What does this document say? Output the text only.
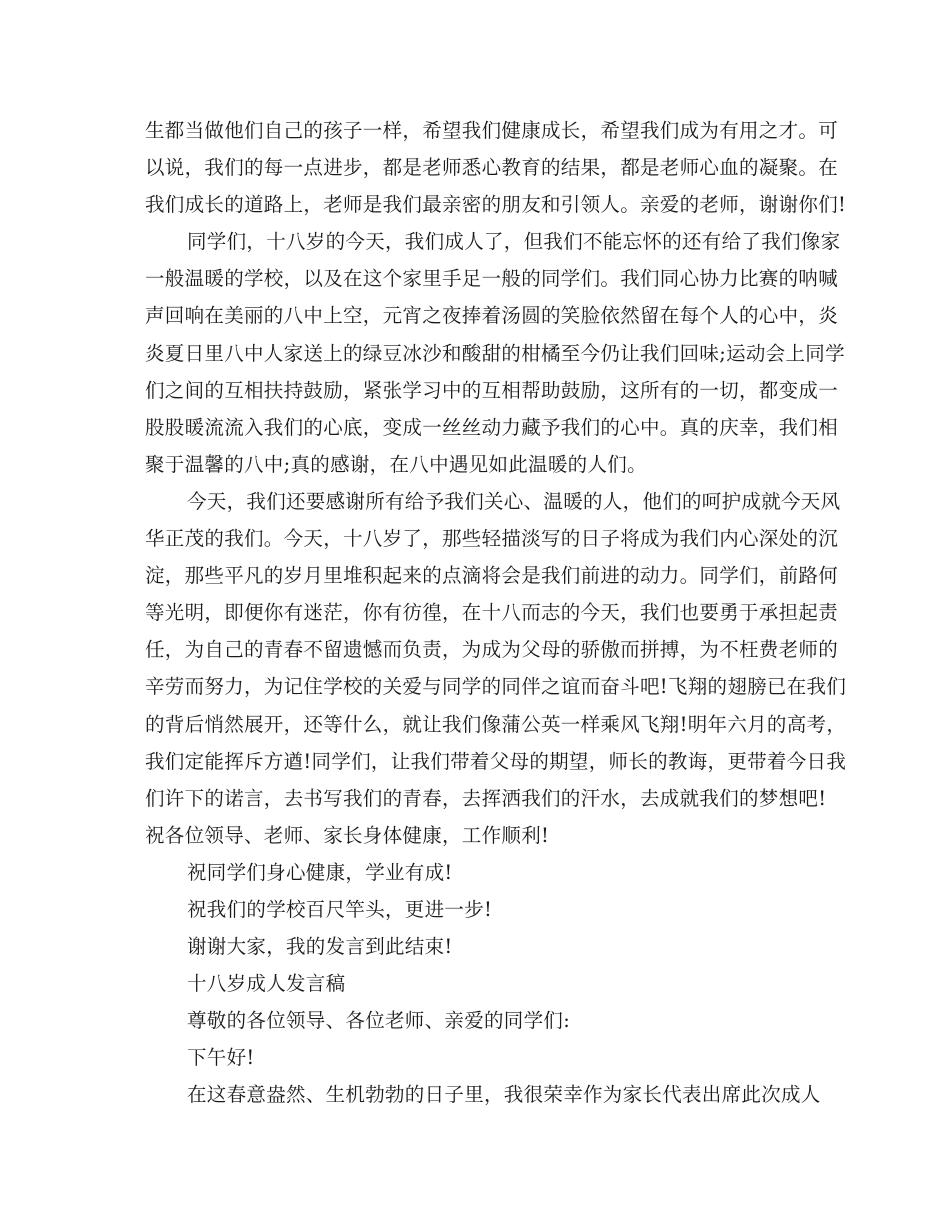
生都当做他们自己的孩子一样，希望我们健康成长，希望我们成为有用之才。可
以说，我们的每一点进步，都是老师悉心教育的结果，都是老师心血的凝聚。在
我们成长的道路上，老师是我们最亲密的朋友和引领人。亲爱的老师，谢谢你们!
同学们，十八岁的今天，我们成人了，但我们不能忘怀的还有给了我们像家
一般温暖的学校，以及在这个家里手足一般的同学们。我们同心协力比赛的呐喊
声回响在美丽的八中上空，元宵之夜捧着汤圆的笑脸依然留在每个人的心中，炎
炎夏日里八中人家送上的绿豆冰沙和酸甜的柑橘至今仍让我们回味;运动会上同学
们之间的互相扶持鼓励，紧张学习中的互相帮助鼓励，这所有的一切，都变成一
股股暖流流入我们的心底，变成一丝丝动力藏予我们的心中。真的庆幸，我们相
聚于温馨的八中;真的感谢，在八中遇见如此温暖的人们。
今天，我们还要感谢所有给予我们关心、温暖的人，他们的呵护成就今天风
华正茂的我们。今天，十八岁了，那些轻描淡写的日子将成为我们内心深处的沉
淀，那些平凡的岁月里堆积起来的点滴将会是我们前进的动力。同学们，前路何
等光明，即便你有迷茫，你有彷徨，在十八而志的今天，我们也要勇于承担起责
任，为自己的青春不留遗憾而负责，为成为父母的骄傲而拼搏，为不枉费老师的
辛劳而努力，为记住学校的关爱与同学的同伴之谊而奋斗吧!飞翔的翅膀已在我们
的背后悄然展开，还等什么，就让我们像蒲公英一样乘风飞翔!明年六月的高考，
我们定能挥斥方遒!同学们，让我们带着父母的期望，师长的教诲，更带着今日我
们许下的诺言，去书写我们的青春，去挥洒我们的汗水，去成就我们的梦想吧!
祝各位领导、老师、家长身体健康，工作顺利!
祝同学们身心健康，学业有成!
祝我们的学校百尺竿头，更进一步!
谢谢大家，我的发言到此结束!
十八岁成人发言稿
尊敬的各位领导、各位老师、亲爱的同学们:
下午好!
在这春意盎然、生机勃勃的日子里，我很荣幸作为家长代表出席此次成人
